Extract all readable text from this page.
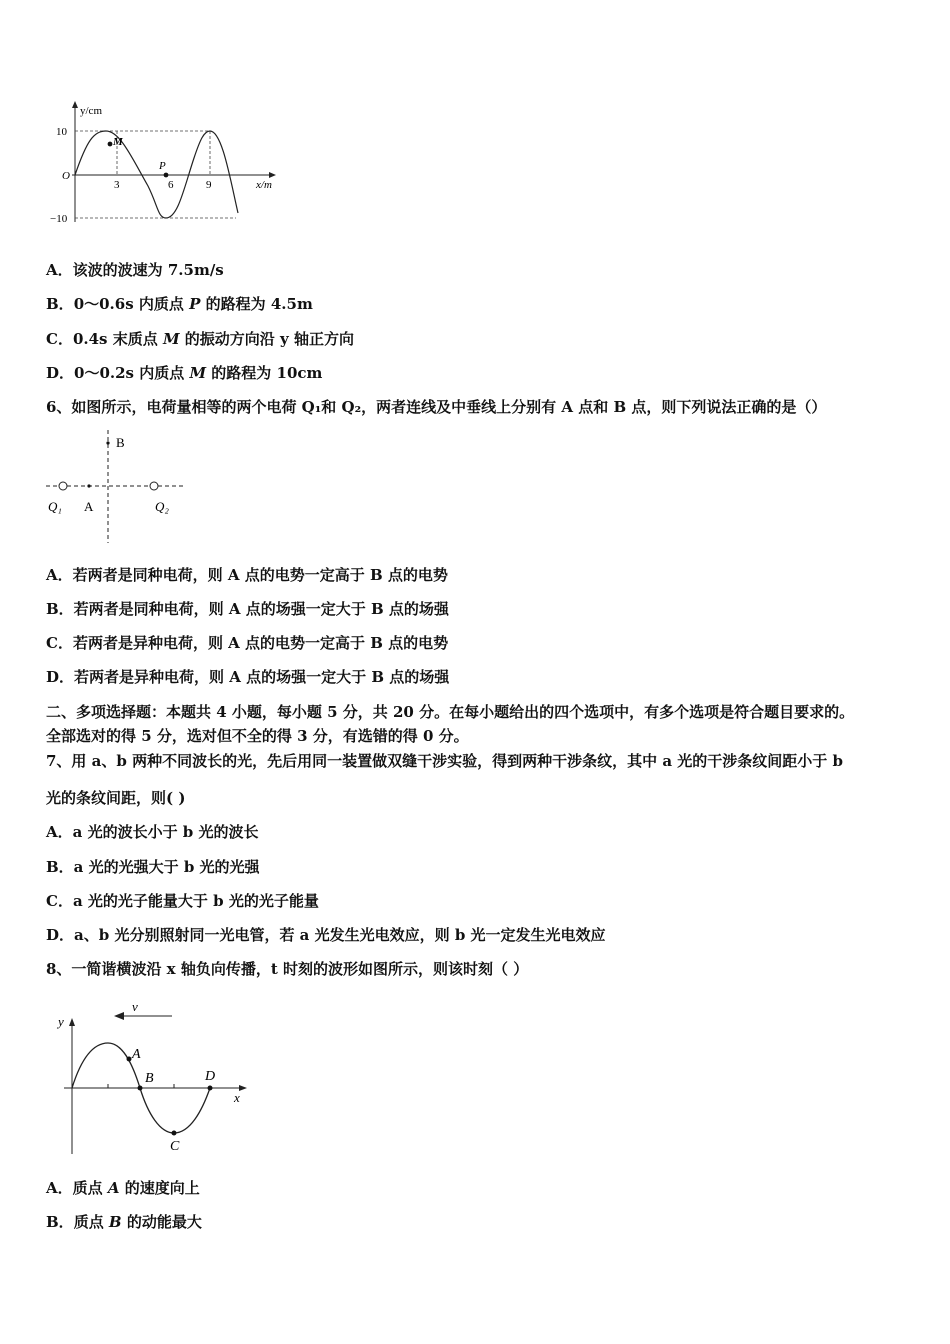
y/cm
x/m
O
10
−10
3	6	9
M
P
A．该波的波速为 7.5m/s
B．0～0.6s 内质点 P 的路程为 4.5m
C．0.4s 末质点 M 的振动方向沿 y 轴正方向
D．0～0.2s 内质点 M 的路程为 10cm
6、如图所示，电荷量相等的两个电荷 Q₁和 Q₂，两者连线及中垂线上分别有 A 点和 B 点，则下列说法正确的是（）
B
A
Q₁	Q₂
A．若两者是同种电荷，则 A 点的电势一定高于 B 点的电势
B．若两者是同种电荷，则 A 点的场强一定大于 B 点的场强
C．若两者是异种电荷，则 A 点的电势一定高于 B 点的电势
D．若两者是异种电荷，则 A 点的场强一定大于 B 点的场强
二、多项选择题：本题共 4 小题，每小题 5 分，共 20 分。在每小题给出的四个选项中，有多个选项是符合题目要求的。
全部选对的得 5 分，选对但不全的得 3 分，有选错的得 0 分。
7、用 a、b 两种不同波长的光，先后用同一装置做双缝干涉实验，得到两种干涉条纹，其中 a 光的干涉条纹间距小于 b
光的条纹间距，则( )
A．a 光的波长小于 b 光的波长
B．a 光的光强大于 b 光的光强
C．a 光的光子能量大于 b 光的光子能量
D．a、b 光分别照射同一光电管，若 a 光发生光电效应，则 b 光一定发生光电效应
8、一简谐横波沿 x 轴负向传播，t 时刻的波形如图所示，则该时刻（ ）
v
y
x
A
B
C
D
A．质点 A 的速度向上
B．质点 B 的动能最大
